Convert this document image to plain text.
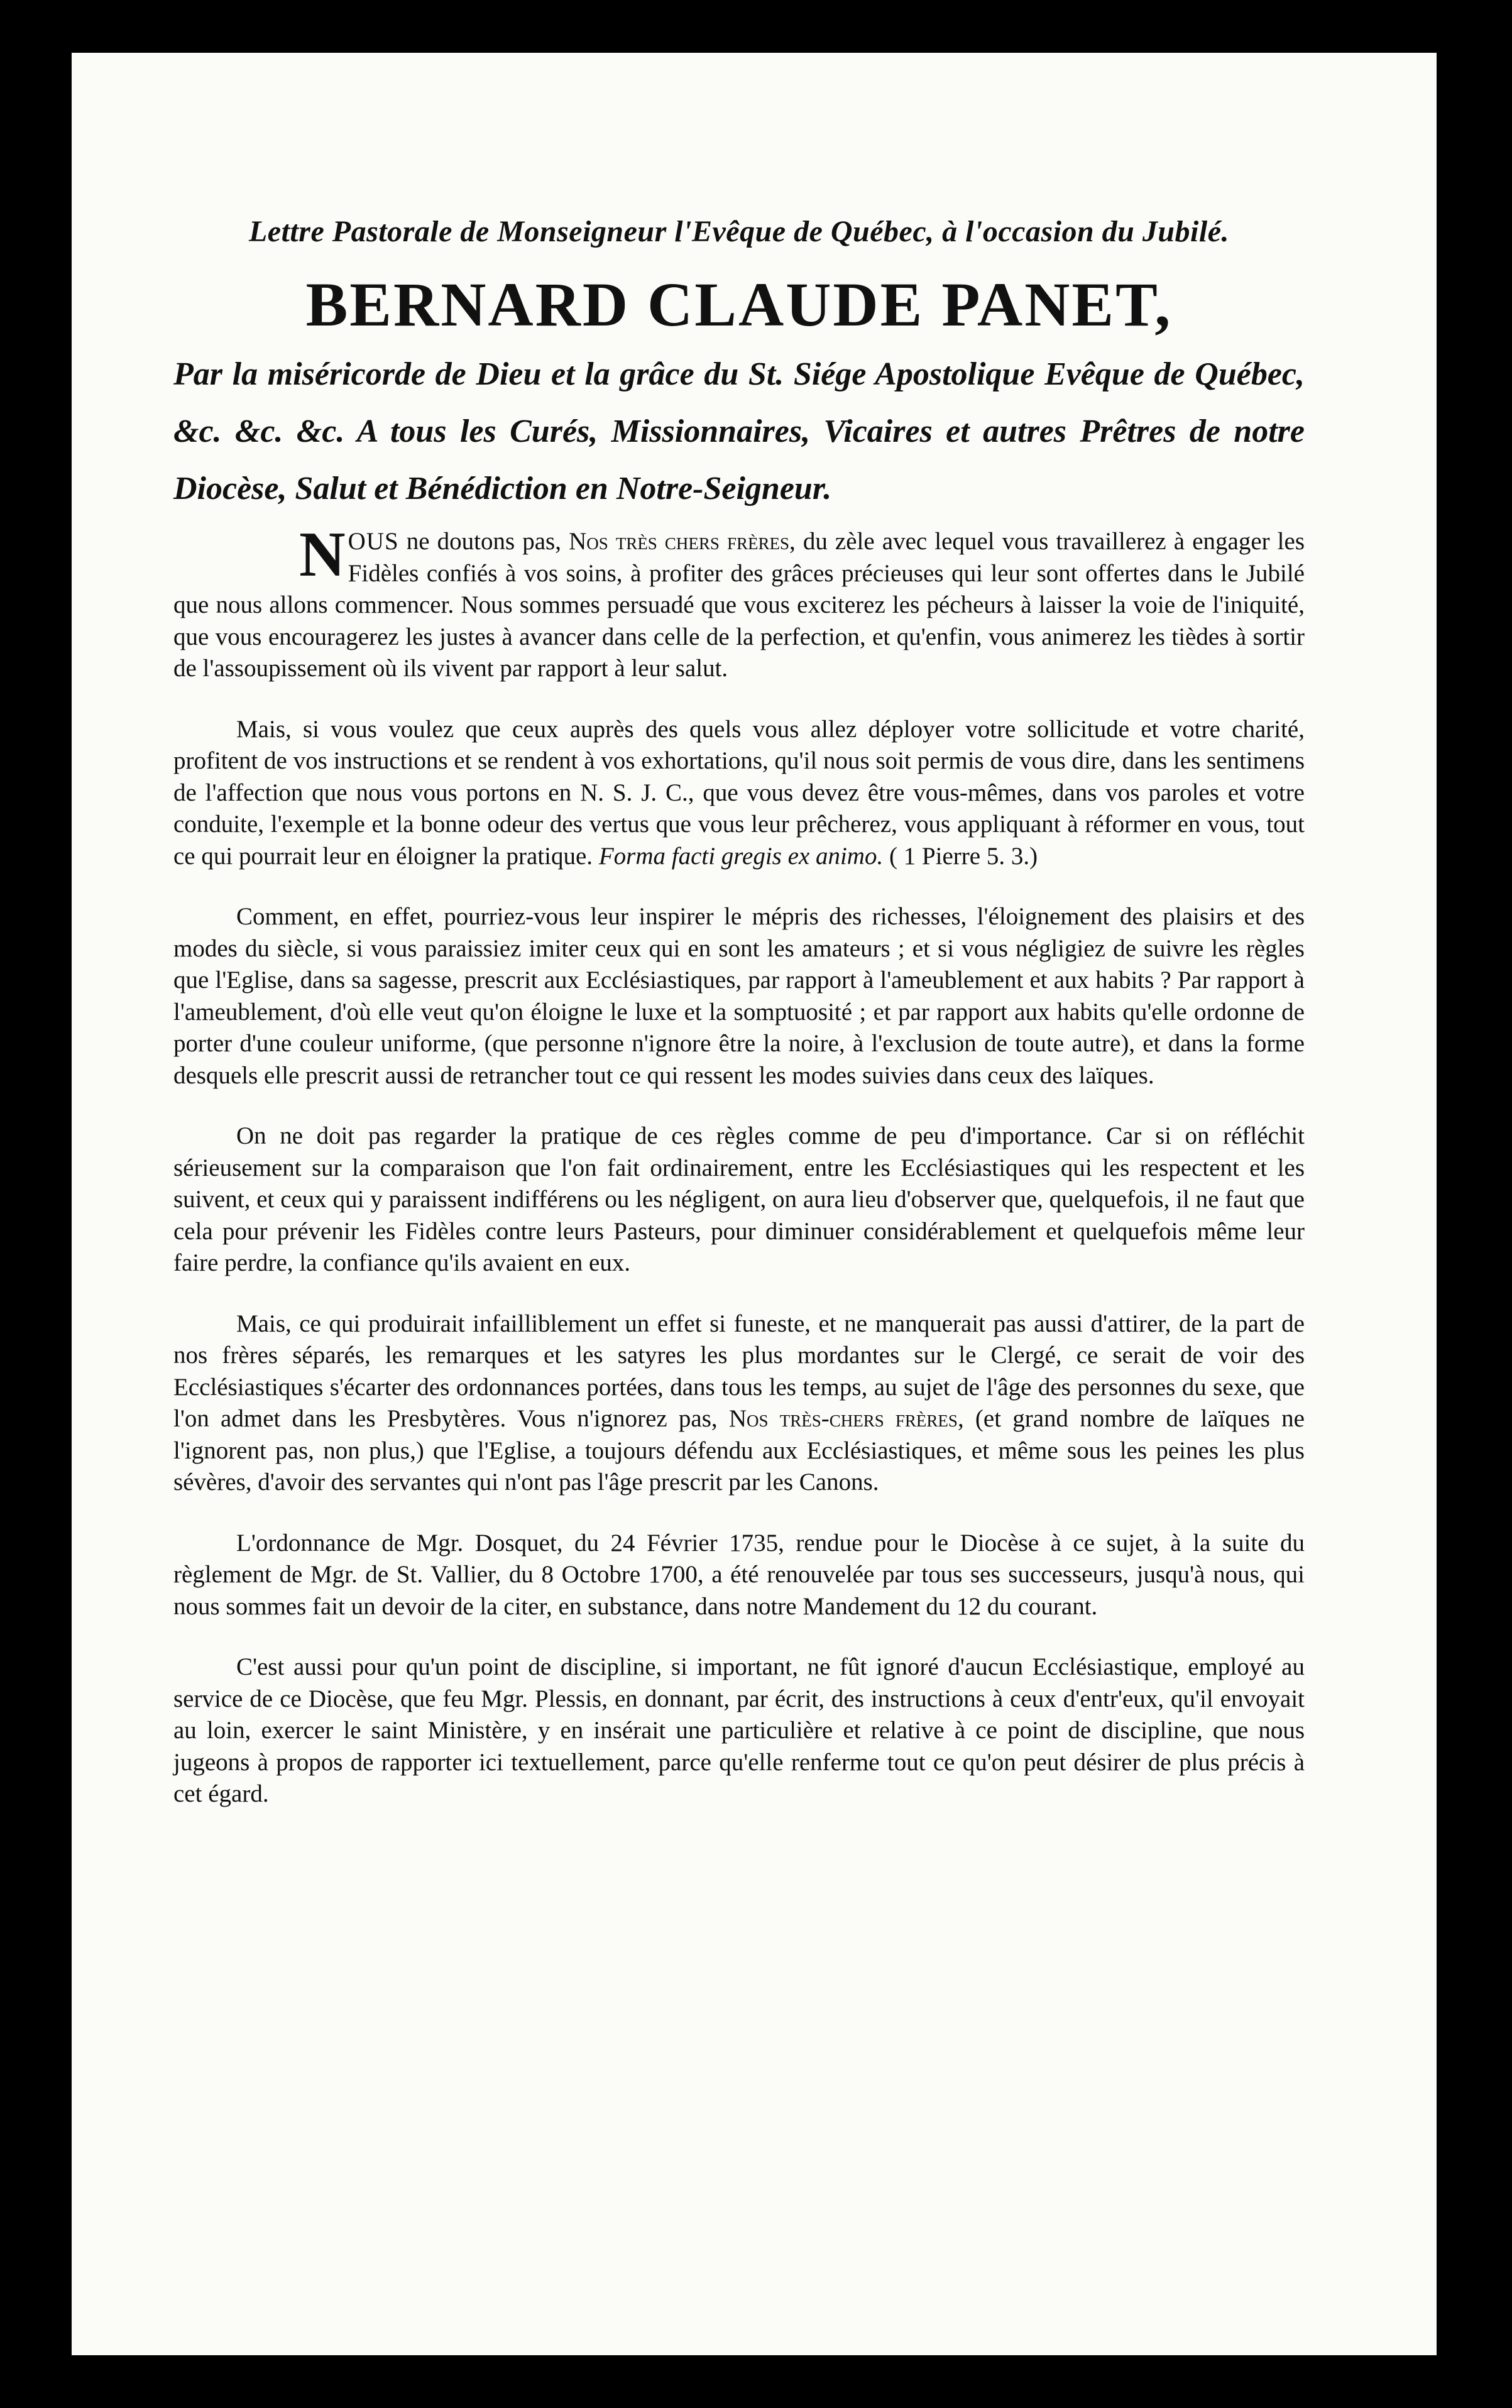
Lettre Pastorale de Monseigneur l'Evêque de Québec, à l'occasion du Jubilé.

BERNARD CLAUDE PANET,

Par la miséricorde de Dieu et la grâce du St. Siége Apostolique Evêque de Québec, &c. &c. &c. A tous les Curés, Missionnaires, Vicaires et autres Prêtres de notre Diocèse, Salut et Bénédiction en Notre-Seigneur.

NOUS ne doutons pas, Nos très chers frères, du zèle avec lequel vous travaillerez à engager les Fidèles confiés à vos soins, à profiter des grâces précieuses qui leur sont offertes dans le Jubilé que nous allons commencer. Nous sommes persuadé que vous exciterez les pécheurs à laisser la voie de l'iniquité, que vous encouragerez les justes à avancer dans celle de la perfection, et qu'enfin, vous animerez les tièdes à sortir de l'assoupissement où ils vivent par rapport à leur salut.

Mais, si vous voulez que ceux auprès des quels vous allez déployer votre sollicitude et votre charité, profitent de vos instructions et se rendent à vos exhortations, qu'il nous soit permis de vous dire, dans les sentimens de l'affection que nous vous portons en N. S. J. C., que vous devez être vous-mêmes, dans vos paroles et votre conduite, l'exemple et la bonne odeur des vertus que vous leur prêcherez, vous appliquant à réformer en vous, tout ce qui pourrait leur en éloigner la pratique. Forma facti gregis ex animo. ( 1 Pierre 5. 3.)

Comment, en effet, pourriez-vous leur inspirer le mépris des richesses, l'éloignement des plaisirs et des modes du siècle, si vous paraissiez imiter ceux qui en sont les amateurs ; et si vous négligiez de suivre les règles que l'Eglise, dans sa sagesse, prescrit aux Ecclésiastiques, par rapport à l'ameublement et aux habits ? Par rapport à l'ameublement, d'où elle veut qu'on éloigne le luxe et la somptuosité ; et par rapport aux habits qu'elle ordonne de porter d'une couleur uniforme, (que personne n'ignore être la noire, à l'exclusion de toute autre), et dans la forme desquels elle prescrit aussi de retrancher tout ce qui ressent les modes suivies dans ceux des laïques.

On ne doit pas regarder la pratique de ces règles comme de peu d'importance. Car si on réfléchit sérieusement sur la comparaison que l'on fait ordinairement, entre les Ecclésiastiques qui les respectent et les suivent, et ceux qui y paraissent indifférens ou les négligent, on aura lieu d'observer que, quelquefois, il ne faut que cela pour prévenir les Fidèles contre leurs Pasteurs, pour diminuer considérablement et quelquefois même leur faire perdre, la confiance qu'ils avaient en eux.

Mais, ce qui produirait infailliblement un effet si funeste, et ne manquerait pas aussi d'attirer, de la part de nos frères séparés, les remarques et les satyres les plus mordantes sur le Clergé, ce serait de voir des Ecclésiastiques s'écarter des ordonnances portées, dans tous les temps, au sujet de l'âge des personnes du sexe, que l'on admet dans les Presbytères. Vous n'ignorez pas, Nos très-chers frères, (et grand nombre de laïques ne l'ignorent pas, non plus,) que l'Eglise, a toujours défendu aux Ecclésiastiques, et même sous les peines les plus sévères, d'avoir des servantes qui n'ont pas l'âge prescrit par les Canons.

L'ordonnance de Mgr. Dosquet, du 24 Février 1735, rendue pour le Diocèse à ce sujet, à la suite du règlement de Mgr. de St. Vallier, du 8 Octobre 1700, a été renouvelée par tous ses successeurs, jusqu'à nous, qui nous sommes fait un devoir de la citer, en substance, dans notre Mandement du 12 du courant.

C'est aussi pour qu'un point de discipline, si important, ne fût ignoré d'aucun Ecclésiastique, employé au service de ce Diocèse, que feu Mgr. Plessis, en donnant, par écrit, des instructions à ceux d'entr'eux, qu'il envoyait au loin, exercer le saint Ministère, y en insérait une particulière et relative à ce point de discipline, que nous jugeons à propos de rapporter ici textuellement, parce qu'elle renferme tout ce qu'on peut désirer de plus précis à cet égard.
